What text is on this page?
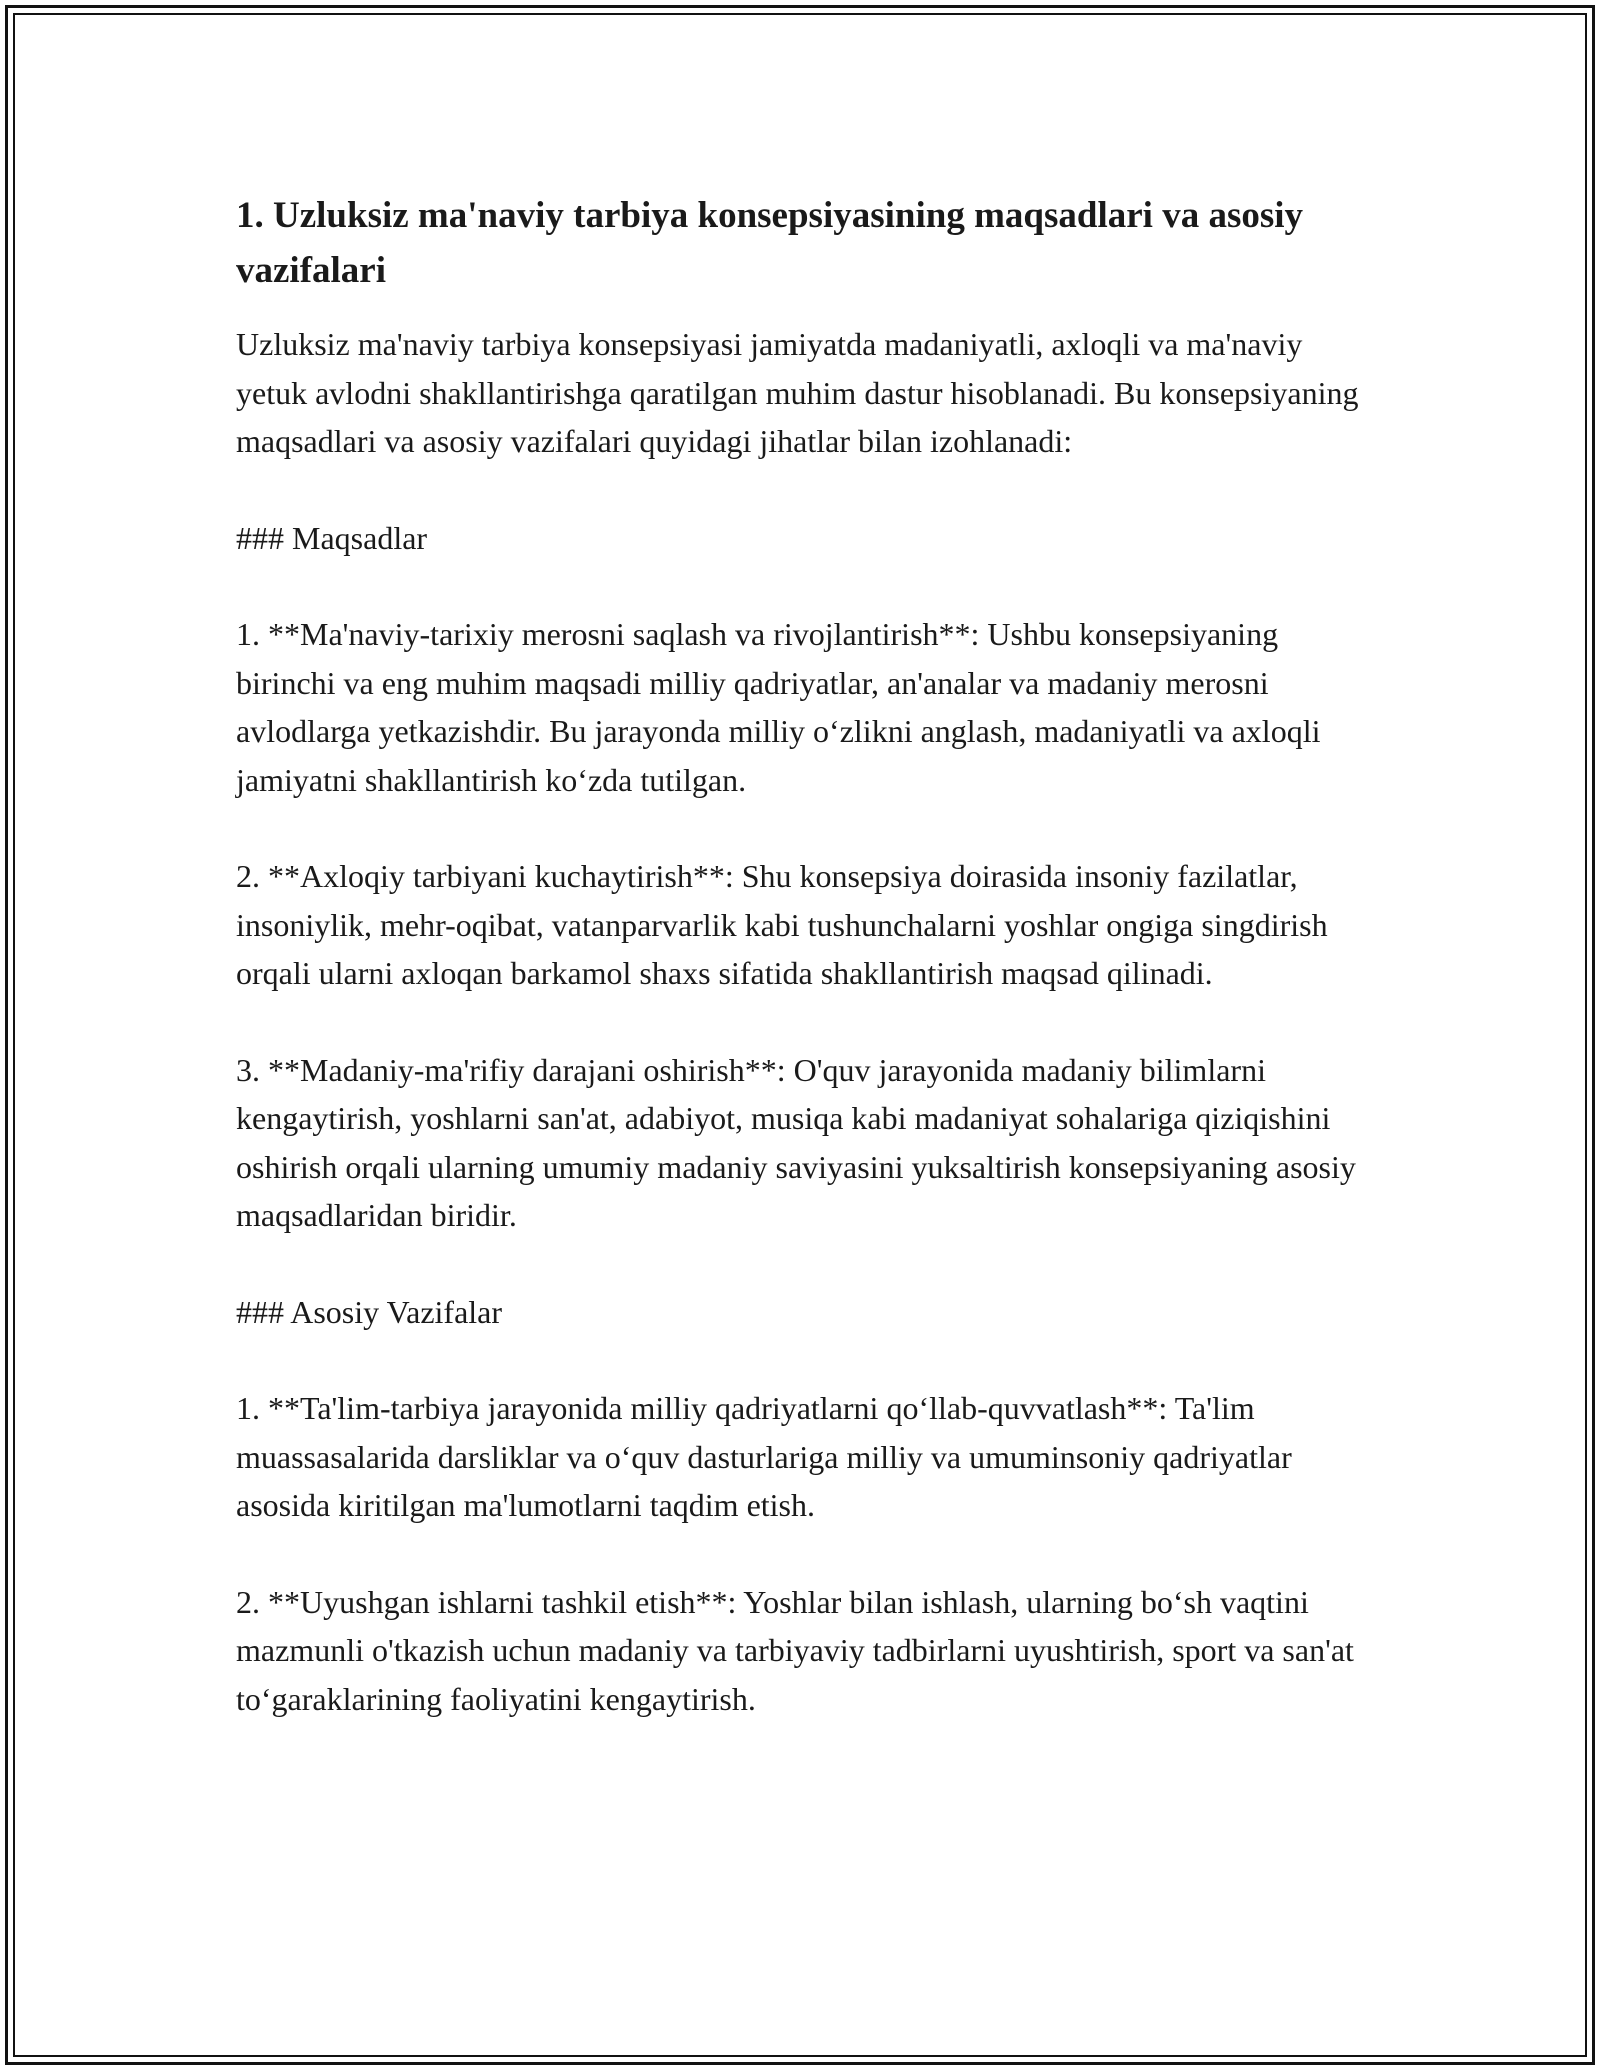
1. Uzluksiz ma'naviy tarbiya konsepsiyasining maqsadlari va asosiy vazifalari

Uzluksiz ma'naviy tarbiya konsepsiyasi jamiyatda madaniyatli, axloqli va ma'naviy yetuk avlodni shakllantirishga qaratilgan muhim dastur hisoblanadi. Bu konsepsiyaning maqsadlari va asosiy vazifalari quyidagi jihatlar bilan izohlanadi:

### Maqsadlar

1. **Ma'naviy-tarixiy merosni saqlash va rivojlantirish**: Ushbu konsepsiyaning birinchi va eng muhim maqsadi milliy qadriyatlar, an'analar va madaniy merosni avlodlarga yetkazishdir. Bu jarayonda milliy o‘zlikni anglash, madaniyatli va axloqli jamiyatni shakllantirish ko‘zda tutilgan.

2. **Axloqiy tarbiyani kuchaytirish**: Shu konsepsiya doirasida insoniy fazilatlar, insoniylik, mehr-oqibat, vatanparvarlik kabi tushunchalarni yoshlar ongiga singdirish orqali ularni axloqan barkamol shaxs sifatida shakllantirish maqsad qilinadi.

3. **Madaniy-ma'rifiy darajani oshirish**: O'quv jarayonida madaniy bilimlarni kengaytirish, yoshlarni san'at, adabiyot, musiqa kabi madaniyat sohalariga qiziqishini oshirish orqali ularning umumiy madaniy saviyasini yuksaltirish konsepsiyaning asosiy maqsadlaridan biridir.

### Asosiy Vazifalar

1. **Ta'lim-tarbiya jarayonida milliy qadriyatlarni qo‘llab-quvvatlash**: Ta'lim muassasalarida darsliklar va o‘quv dasturlariga milliy va umuminsoniy qadriyatlar asosida kiritilgan ma'lumotlarni taqdim etish.

2. **Uyushgan ishlarni tashkil etish**: Yoshlar bilan ishlash, ularning bo‘sh vaqtini mazmunli o'tkazish uchun madaniy va tarbiyaviy tadbirlarni uyushtirish, sport va san'at to‘garaklarining faoliyatini kengaytirish.
